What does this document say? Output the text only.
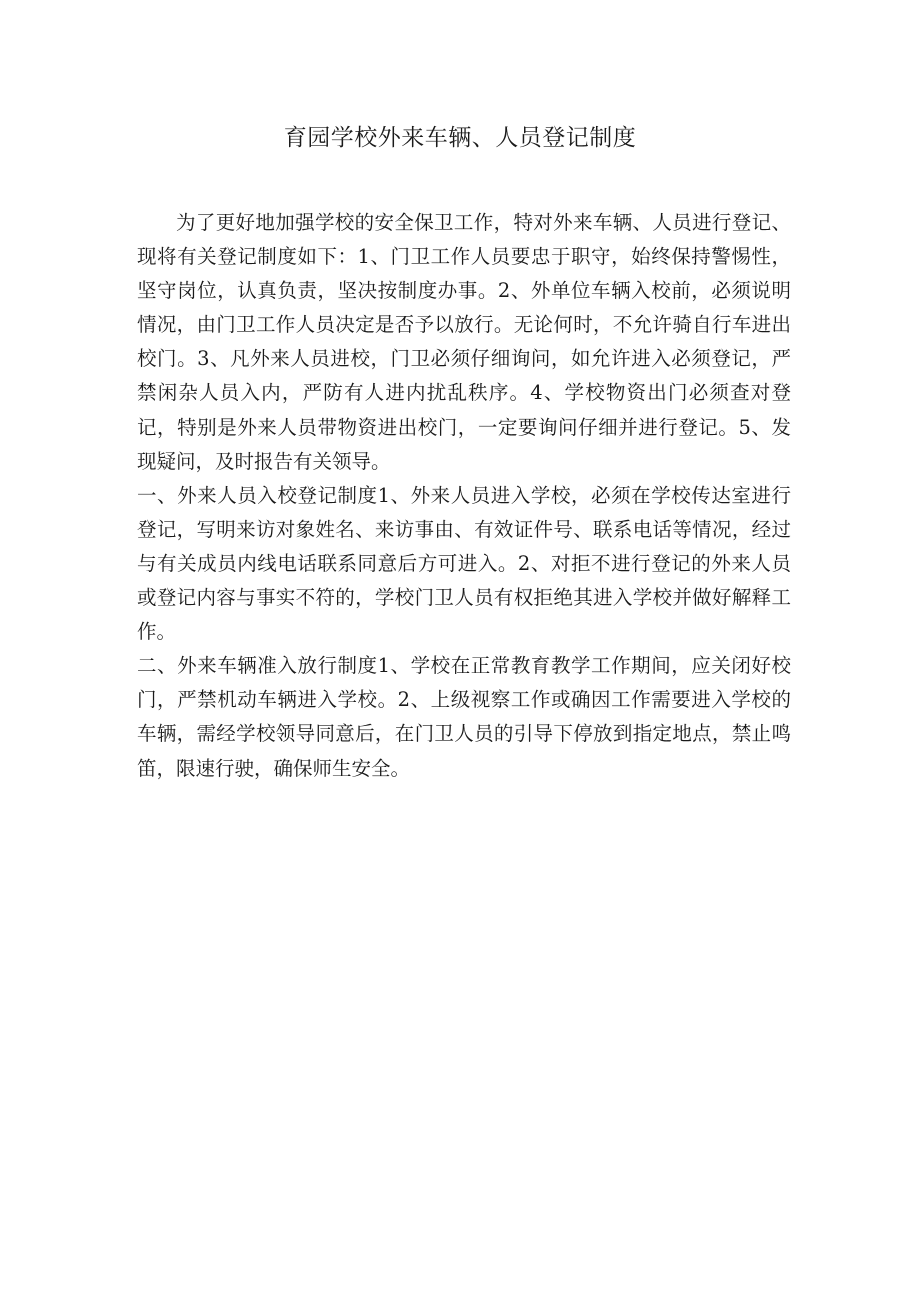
育园学校外来车辆、人员登记制度

为了更好地加强学校的安全保卫工作，特对外来车辆、人员进行登记、现将有关登记制度如下：1、门卫工作人员要忠于职守，始终保持警惕性，坚守岗位，认真负责，坚决按制度办事。2、外单位车辆入校前，必须说明情况，由门卫工作人员决定是否予以放行。无论何时，不允许骑自行车进出校门。3、凡外来人员进校，门卫必须仔细询问，如允许进入必须登记，严禁闲杂人员入内，严防有人进内扰乱秩序。4、学校物资出门必须查对登记，特别是外来人员带物资进出校门，一定要询问仔细并进行登记。5、发现疑问，及时报告有关领导。

一、外来人员入校登记制度1、外来人员进入学校，必须在学校传达室进行登记，写明来访对象姓名、来访事由、有效证件号、联系电话等情况，经过与有关成员内线电话联系同意后方可进入。2、对拒不进行登记的外来人员或登记内容与事实不符的，学校门卫人员有权拒绝其进入学校并做好解释工作。

二、外来车辆准入放行制度1、学校在正常教育教学工作期间，应关闭好校门，严禁机动车辆进入学校。2、上级视察工作或确因工作需要进入学校的车辆，需经学校领导同意后，在门卫人员的引导下停放到指定地点，禁止鸣笛，限速行驶，确保师生安全。
